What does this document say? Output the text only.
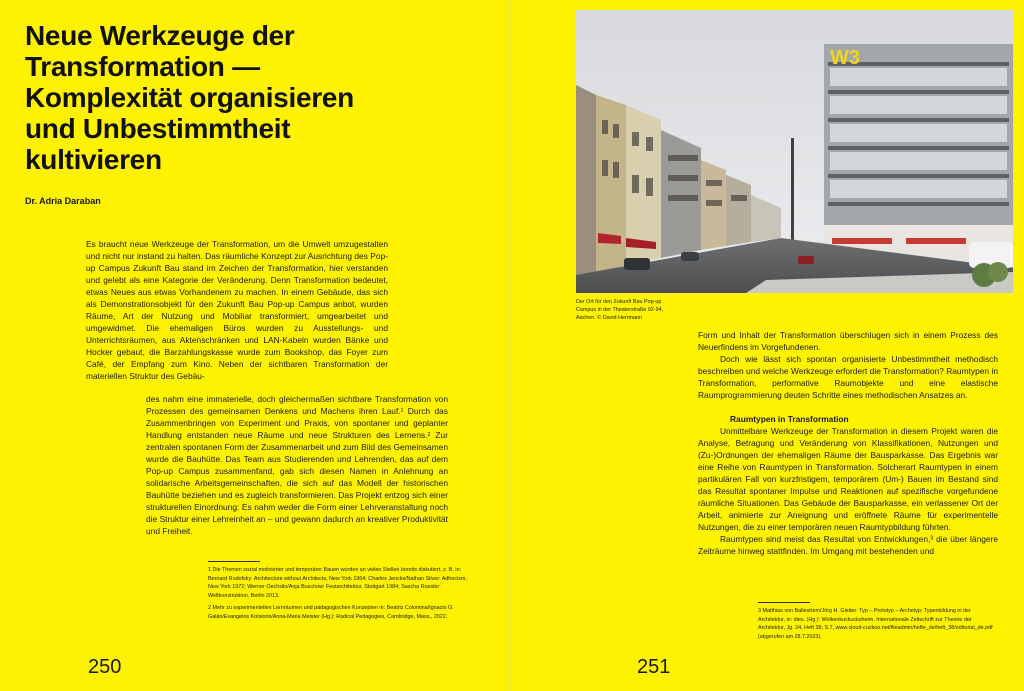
Neue Werkzeuge der
Transformation —
Komplexität organisieren
und Unbestimmtheit
kultivieren

Dr. Adria Daraban

Es braucht neue Werkzeuge der Transformation, um die Umwelt umzugestalten und nicht nur instand zu halten. Das räumliche Konzept zur Ausrichtung des Pop-up Campus Zukunft Bau stand im Zeichen der Transformation, hier verstanden und gelebt als eine Kategorie der Veränderung. Denn Transformation bedeutet, etwas Neues aus etwas Vorhandenem zu machen. In einem Gebäude, das sich als Demonstrationsobjekt für den Zukunft Bau Pop-up Campus anbot, wurden Räume, Art der Nutzung und Mobiliar transformiert, umgearbeitet und umgewidmet. Die ehemaligen Büros wurden zu Ausstellungs- und Unterrichtsräumen, aus Aktenschränken und LAN-Kabeln wurden Bänke und Hocker gebaut, die Barzahlungskasse wurde zum Bookshop, das Foyer zum Café, der Empfang zum Kino. Neben der sichtbaren Transformation der materiellen Struktur des Gebäu-

des nahm eine immaterielle, doch gleichermaßen sichtbare Transformation von Prozessen des gemeinsamen Denkens und Machens ihren Lauf.¹ Durch das Zusammenbringen von Experiment und Praxis, von spontaner und geplanter Handlung entstanden neue Räume und neue Strukturen des Lernens.² Zur zentralen spontanen Form der Zusammenarbeit und zum Bild des Gemeinsamen wurde die Bauhütte. Das Team aus Studierenden und Lehrenden, das auf dem Pop-up Campus zusammenfand, gab sich diesen Namen in Anlehnung an solidarische Arbeitsgemeinschaften, die sich auf das Modell der historischen Bauhütte beziehen und es zugleich transformieren. Das Projekt entzog sich einer strukturellen Einordnung: Es nahm weder die Form einer Lehrveranstaltung noch die Struktur einer Lehreinheit an – und gewann dadurch an kreativer Produktivität und Freiheit.

1 Die Themen sozial motivierter und temporärer Bauen wurden an vielen Stellen bereits diskutiert, z. B. in: Bernard Rudofsky: Architecture without Architects, New York 1964; Charles Jencks/Nathan Silver: Adhocism, New York 1972; Werner Oechslin/Anja Buschow: Festarchitektur, Stuttgart 1984; Sascha Roesler: Weltkonstruktion, Berlin 2013.

2 Mehr zu experimentellen Lernräumen und pädagogischen Konzepten in: Beatriz Colomina/Ignacio G. Galán/Evangelos Kotsioris/Anna-Maria Meister (Hg.): Radical Pedagogies, Cambridge, Mass., 2022.

250

W3

Der Ort für den Zukunft Bau Pop-up Campus in der Theaterstraße 92-94, Aachen. © David Herrmann

Form und Inhalt der Transformation überschlugen sich in einem Prozess des Neuerfindens im Vorgefundenen.

Doch wie lässt sich spontan organisierte Unbestimmtheit methodisch beschreiben und welche Werkzeuge erfordert die Transformation? Raumtypen in Transformation, performative Raumobjekte und eine elastische Raumprogrammierung deuten Schritte eines methodischen Ansatzes an.

Raumtypen in Transformation

Unmittelbare Werkzeuge der Transformation in diesem Projekt waren die Analyse, Betragung und Veränderung von Klassifikationen, Nutzungen und (Zu-)Ordnungen der ehemaligen Räume der Bausparkasse. Das Ergebnis war eine Reihe von Raumtypen in Transformation. Solcherart Raumtypen in einem partikulären Fall von kurzfristigem, temporärem (Um-) Bauen im Bestand sind das Resultat spontaner Impulse und Reaktionen auf spezifische vorgefundene räumliche Situationen. Das Gebäude der Bausparkasse, ein verlassener Ort der Arbeit, animierte zur Aneignung und eröffnete Räume für experimentelle Nutzungen, die zu einer temporären neuen Raumtypbildung führten.

Raumtypen sind meist das Resultat von Entwicklungen,³ die über längere Zeiträume hinweg stattfinden. Im Umgang mit bestehenden und

3 Matthias von Ballestrem/Jörg H. Gleiter: Typ – Prototyp – Archetyp: Typenbildung in der Architektur, in: dies. (Hg.): Wolkenkuckucksheim. Internationale Zeitschrift zur Theorie der Architektur, Jg. 24, Heft 38, S.7, www.cloud-cuckoo.net/fileadmin/hefte_de/heft_38/editorial_de.pdf (abgerufen am 28.7.2023).

251
